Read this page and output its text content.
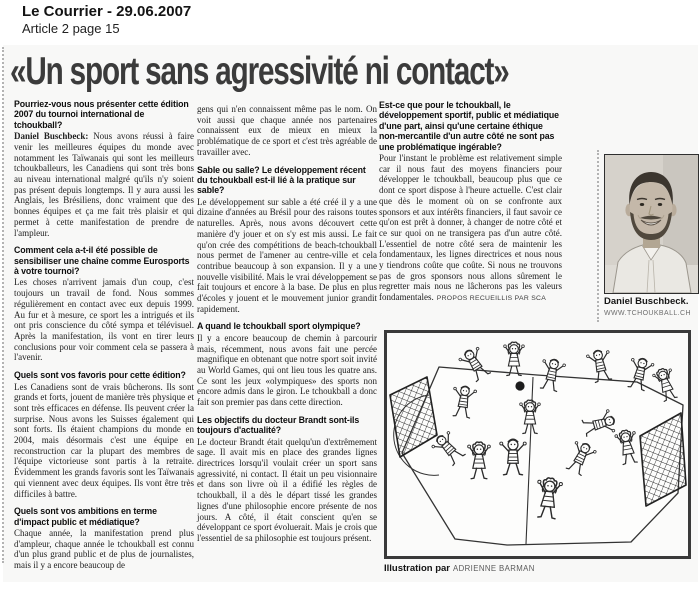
Le Courrier - 29.06.2007
Article 2 page 15
«Un sport sans agressivité ni contact»

Pourriez-vous nous présenter cette édition 2007 du tournoi international de tchoukball?

Daniel Buschbeck: Nous avons réussi à faire venir les meilleures équipes du monde avec notamment les Taïwanais qui sont les meilleurs tchoukballeurs, les Canadiens qui sont très bons au niveau international malgré qu'ils n'y soient pas présent depuis longtemps. Il y aura aussi les Anglais, les Brésiliens, donc vraiment que des bonnes équipes et ça me fait très plaisir et qui permet à cette manifestation de prendre de l'ampleur.

Comment cela a-t-il été possible de sensibiliser une chaîne comme Eurosports à votre tournoi?

Les choses n'arrivent jamais d'un coup, c'est toujours un travail de fond. Nous sommes régulièrement en contact avec eux depuis 1999. Au fur et à mesure, ce sport les a intrigués et ils ont pris conscience du côté sympa et télévisuel. Après la manifestation, ils vont en tirer leurs conclusions pour voir comment cela se passera à l'avenir.

Quels sont vos favoris pour cette édition?

Les Canadiens sont de vrais bûcherons. Ils sont grands et forts, jouent de manière très physique et sont très efficaces en défense. Ils peuvent créer la surprise. Nous avons les Suisses également qui sont forts. Ils étaient champions du monde en 2004, mais désormais c'est une équipe en reconstruction car la plupart des membres de l'équipe victorieuse sont partis à la retraite. Évidemment les grands favoris sont les Taïwanais qui viennent avec deux équipes. Ils vont être très difficiles à battre.

Quels sont vos ambitions en terme d'impact public et médiatique?

Chaque année, la manifestation prend plus d'ampleur, chaque année le tchoukball est connu d'un plus grand public et de plus de journalistes, mais il y a encore beaucoup de

gens qui n'en connaissent même pas le nom. On voit aussi que chaque année nos partenaires connaissent eux de mieux en mieux la problématique de ce sport et c'est très agréable de travailler avec.

Sable ou salle? Le développement récent du tchoukball est-il lié à la pratique sur sable?

Le développement sur sable a été créé il y a une dizaine d'années au Brésil pour des raisons toutes naturelles. Après, nous avons découvert cette manière d'y jouer et on s'y est mis aussi. Le fait qu'on crée des compétitions de beach-tchoukball nous permet de l'amener au centre-ville et cela contribue beaucoup à son expansion. Il y a une nouvelle visibilité. Mais le vrai développement se fait toujours et encore à la base. De plus en plus d'écoles y jouent et le mouvement junior grandit rapidement.

A quand le tchoukball sport olympique?

Il y a encore beaucoup de chemin à parcourir mais, récemment, nous avons fait une percée magnifique en obtenant que notre sport soit invité au World Games, qui ont lieu tous les quatre ans. Ce sont les jeux «olympiques» des sports non encore admis dans le giron. Le tchoukball a donc fait son premier pas dans cette direction.

Les objectifs du docteur Brandt sont-ils toujours d'actualité?

Le docteur Brandt était quelqu'un d'extrêmement sage. Il avait mis en place des grandes lignes directrices lorsqu'il voulait créer un sport sans agressivité, ni contact. Il était un peu visionnaire et dans son livre où il a édifié les règles de tchoukball, il a dès le départ tissé les grandes lignes d'une philosophie encore présente de nos jours. A côté, il était conscient qu'en se développant ce sport évoluerait. Mais je crois que l'essentiel de sa philosophie est toujours présent.

Est-ce que pour le tchoukball, le développement sportif, public et médiatique d'une part, ainsi qu'une certaine éthique non-mercantile d'un autre côté ne sont pas une problématique ingérable?

Pour l'instant le problème est relativement simple car il nous faut des moyens financiers pour développer le tchoukball, beaucoup plus que ce dont ce sport dispose à l'heure actuelle. C'est clair que dès le moment où on se confronte aux sponsors et aux intérêts financiers, il faut savoir ce qu'on est prêt à donner, à changer de notre côté et ce sur quoi on ne transigera pas d'un autre côté. L'essentiel de notre côté sera de maintenir les fondamentaux, les lignes directrices et nous nous y tiendrons coûte que coûte. Si nous ne trouvons pas de gros sponsors nous allons sûrement le regretter mais nous ne lâcherons pas les valeurs fondamentales. PROPOS RECUEILLIS PAR SCA	Daniel Buschbeck.
WWW.TCHOUKBALL.CH
Illustration par ADRIENNE BARMAN
